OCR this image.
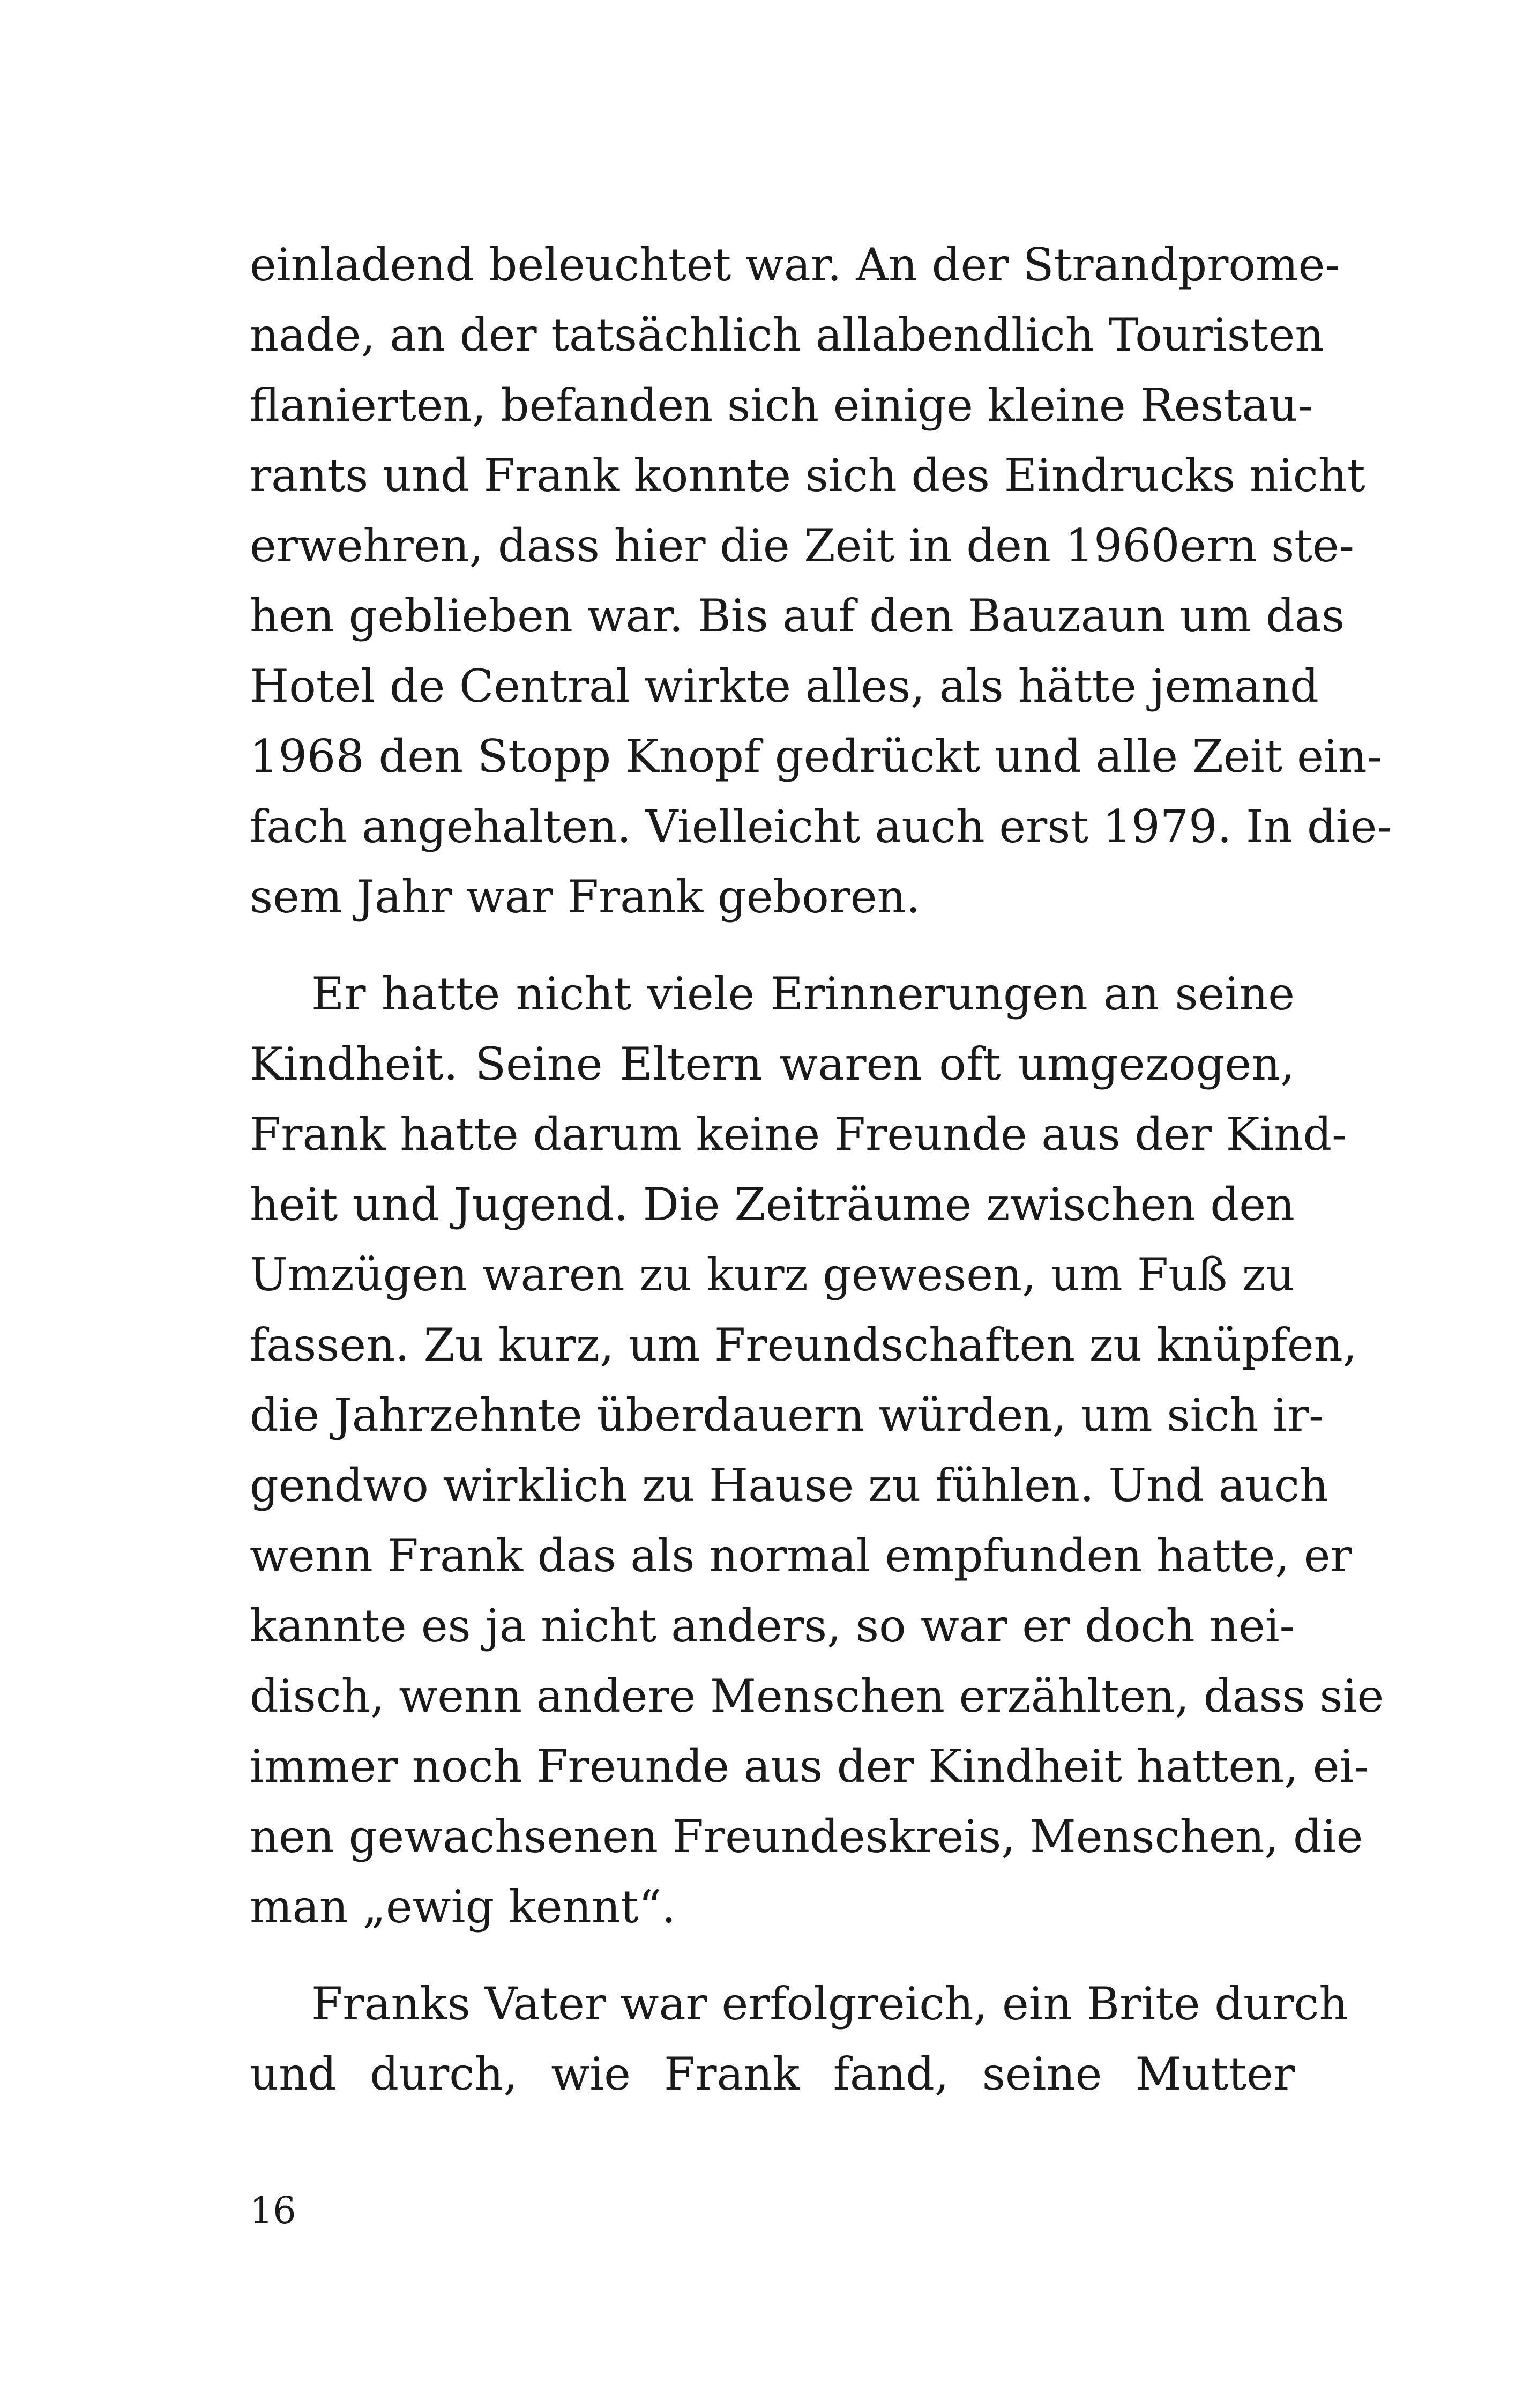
einladend beleuchtet war. An der Strandprome-
nade, an der tatsächlich allabendlich Touristen
flanierten, befanden sich einige kleine Restau-
rants und Frank konnte sich des Eindrucks nicht
erwehren, dass hier die Zeit in den 1960ern ste-
hen geblieben war. Bis auf den Bauzaun um das
Hotel de Central wirkte alles, als hätte jemand
1968 den Stopp Knopf gedrückt und alle Zeit ein-
fach angehalten. Vielleicht auch erst 1979. In die-
sem Jahr war Frank geboren.

Er hatte nicht viele Erinnerungen an seine
Kindheit. Seine Eltern waren oft umgezogen,
Frank hatte darum keine Freunde aus der Kind-
heit und Jugend. Die Zeiträume zwischen den
Umzügen waren zu kurz gewesen, um Fuß zu
fassen. Zu kurz, um Freundschaften zu knüpfen,
die Jahrzehnte überdauern würden, um sich ir-
gendwo wirklich zu Hause zu fühlen. Und auch
wenn Frank das als normal empfunden hatte, er
kannte es ja nicht anders, so war er doch nei-
disch, wenn andere Menschen erzählten, dass sie
immer noch Freunde aus der Kindheit hatten, ei-
nen gewachsenen Freundeskreis, Menschen, die
man „ewig kennt“.

Franks Vater war erfolgreich, ein Brite durch
und durch, wie Frank fand, seine Mutter

16
